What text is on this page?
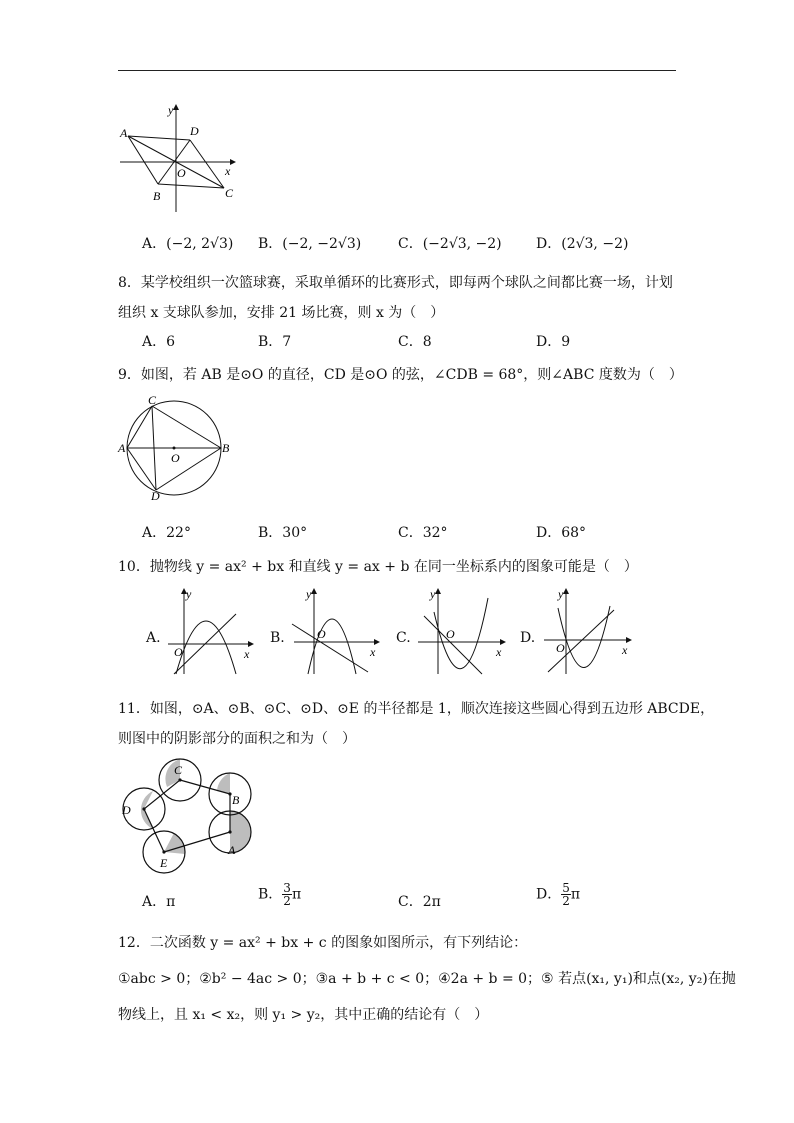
y
x
A	D
O
B	C
A．(−2, 2√3) B．(−2, −2√3)	C．(−2√3, −2) D．(2√3, −2)
8．某学校组织一次篮球赛，采取单循环的比赛形式，即每两个球队之间都比赛一场，计划
组织 x 支球队参加，安排 21 场比赛，则 x 为（　）
A．6	B．7	C．8	D．9
9．如图，若 AB 是⊙O 的直径，CD 是⊙O 的弦，∠CDB = 68°，则∠ABC 度数为（　）
C
A	B
O
D
A．22°	B．30°	C．32°	D．68°
10．抛物线 y = ax² + bx 和直线 y = ax + b 在同一坐标系内的图象可能是（　）
A.
y
x
O
B.
y
x
O	C.
y
x
O	D.
y
x
O
11．如图，⊙A、⊙B、⊙C、⊙D、⊙E 的半径都是 1，顺次连接这些圆心得到五边形 ABCDE，
则图中的阴影部分的面积之和为（　）
C
B
A
E
D
A．π	B． $\frac{3}{2}$ π	C．2π	D． $\frac{5}{2}$ π
12．二次函数 y = ax² + bx + c 的图象如图所示，有下列结论：
①abc > 0；②b² − 4ac > 0；③a + b + c < 0；④2a + b = 0；⑤ 若点(x₁, y₁)和点(x₂, y₂)在抛
物线上，且 x₁ < x₂，则 y₁ > y₂，其中正确的结论有（　）
